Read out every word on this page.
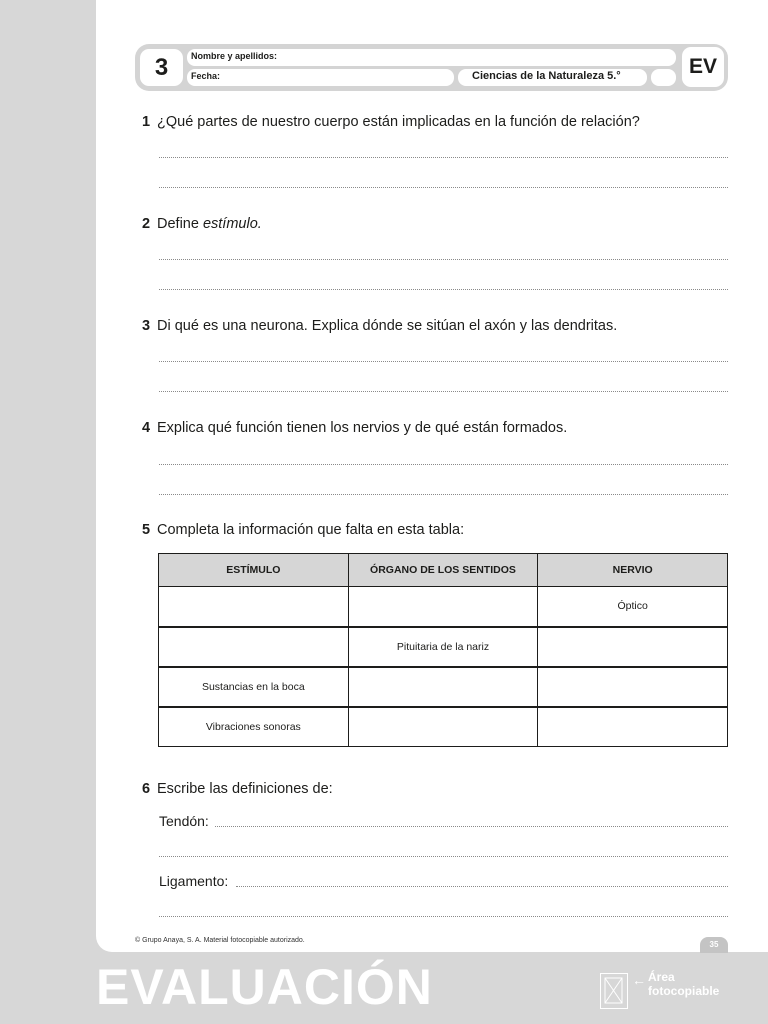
3	Nombre y apellidos:
Fecha:	Ciencias de la Naturaleza 5.°	EV
1 ¿Qué partes de nuestro cuerpo están implicadas en la función de relación?
2 Define estímulo.
3 Di qué es una neurona. Explica dónde se sitúan el axón y las dendritas.
4 Explica qué función tienen los nervios y de qué están formados.
5 Completa la información que falta en esta tabla:
ESTÍMULO	ÓRGANO DE LOS SENTIDOS	NERVIO
		Óptico
	Pituitaria de la nariz	
Sustancias en la boca		
Vibraciones sonoras		
6 Escribe las definiciones de:
Tendón:
Ligamento:
© Grupo Anaya, S. A. Material fotocopiable autorizado.	35
EVALUACIÓN	← Área
fotocopiable
